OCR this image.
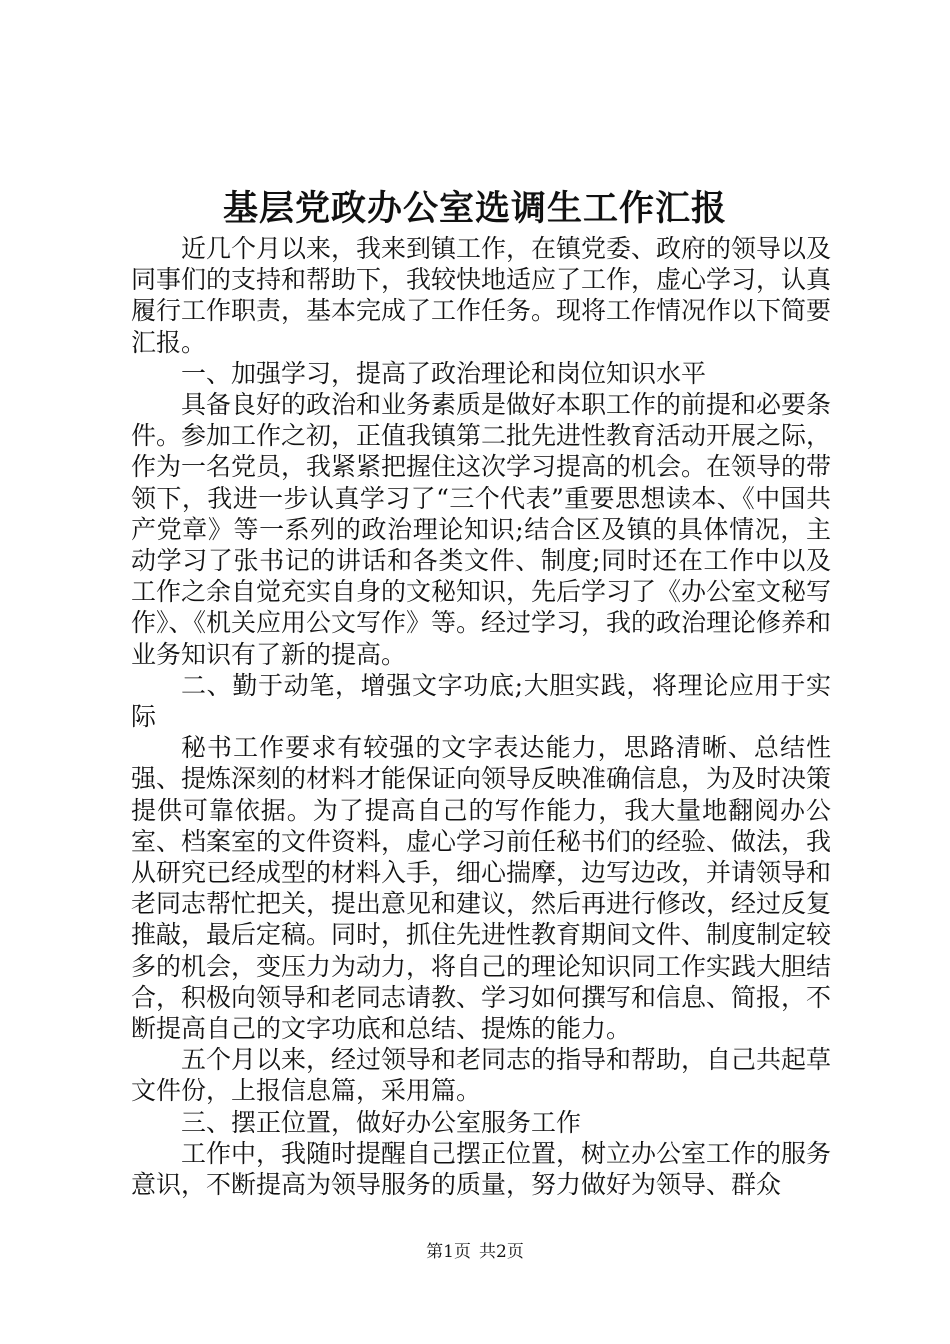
基层党政办公室选调生工作汇报

近几个月以来，我来到镇工作，在镇党委、政府的领导以及同事们的支持和帮助下，我较快地适应了工作，虚心学习，认真履行工作职责，基本完成了工作任务。现将工作情况作以下简要汇报。

一、加强学习，提高了政治理论和岗位知识水平

具备良好的政治和业务素质是做好本职工作的前提和必要条件。参加工作之初，正值我镇第二批先进性教育活动开展之际，作为一名党员，我紧紧把握住这次学习提高的机会。在领导的带领下，我进一步认真学习了“三个代表”重要思想读本、《中国共产党章》等一系列的政治理论知识;结合区及镇的具体情况，主动学习了张书记的讲话和各类文件、制度;同时还在工作中以及工作之余自觉充实自身的文秘知识，先后学习了《办公室文秘写作》、《机关应用公文写作》等。经过学习，我的政治理论修养和业务知识有了新的提高。

二、勤于动笔，增强文字功底;大胆实践，将理论应用于实际

秘书工作要求有较强的文字表达能力，思路清晰、总结性强、提炼深刻的材料才能保证向领导反映准确信息，为及时决策提供可靠依据。为了提高自己的写作能力，我大量地翻阅办公室、档案室的文件资料，虚心学习前任秘书们的经验、做法，我从研究已经成型的材料入手，细心揣摩，边写边改，并请领导和老同志帮忙把关，提出意见和建议，然后再进行修改，经过反复推敲，最后定稿。同时，抓住先进性教育期间文件、制度制定较多的机会，变压力为动力，将自己的理论知识同工作实践大胆结合，积极向领导和老同志请教、学习如何撰写和信息、简报，不断提高自己的文字功底和总结、提炼的能力。

五个月以来，经过领导和老同志的指导和帮助，自己共起草文件份，上报信息篇，采用篇。

三、摆正位置，做好办公室服务工作

工作中，我随时提醒自己摆正位置，树立办公室工作的服务意识，不断提高为领导服务的质量，努力做好为领导、群众

第1页 共2页
